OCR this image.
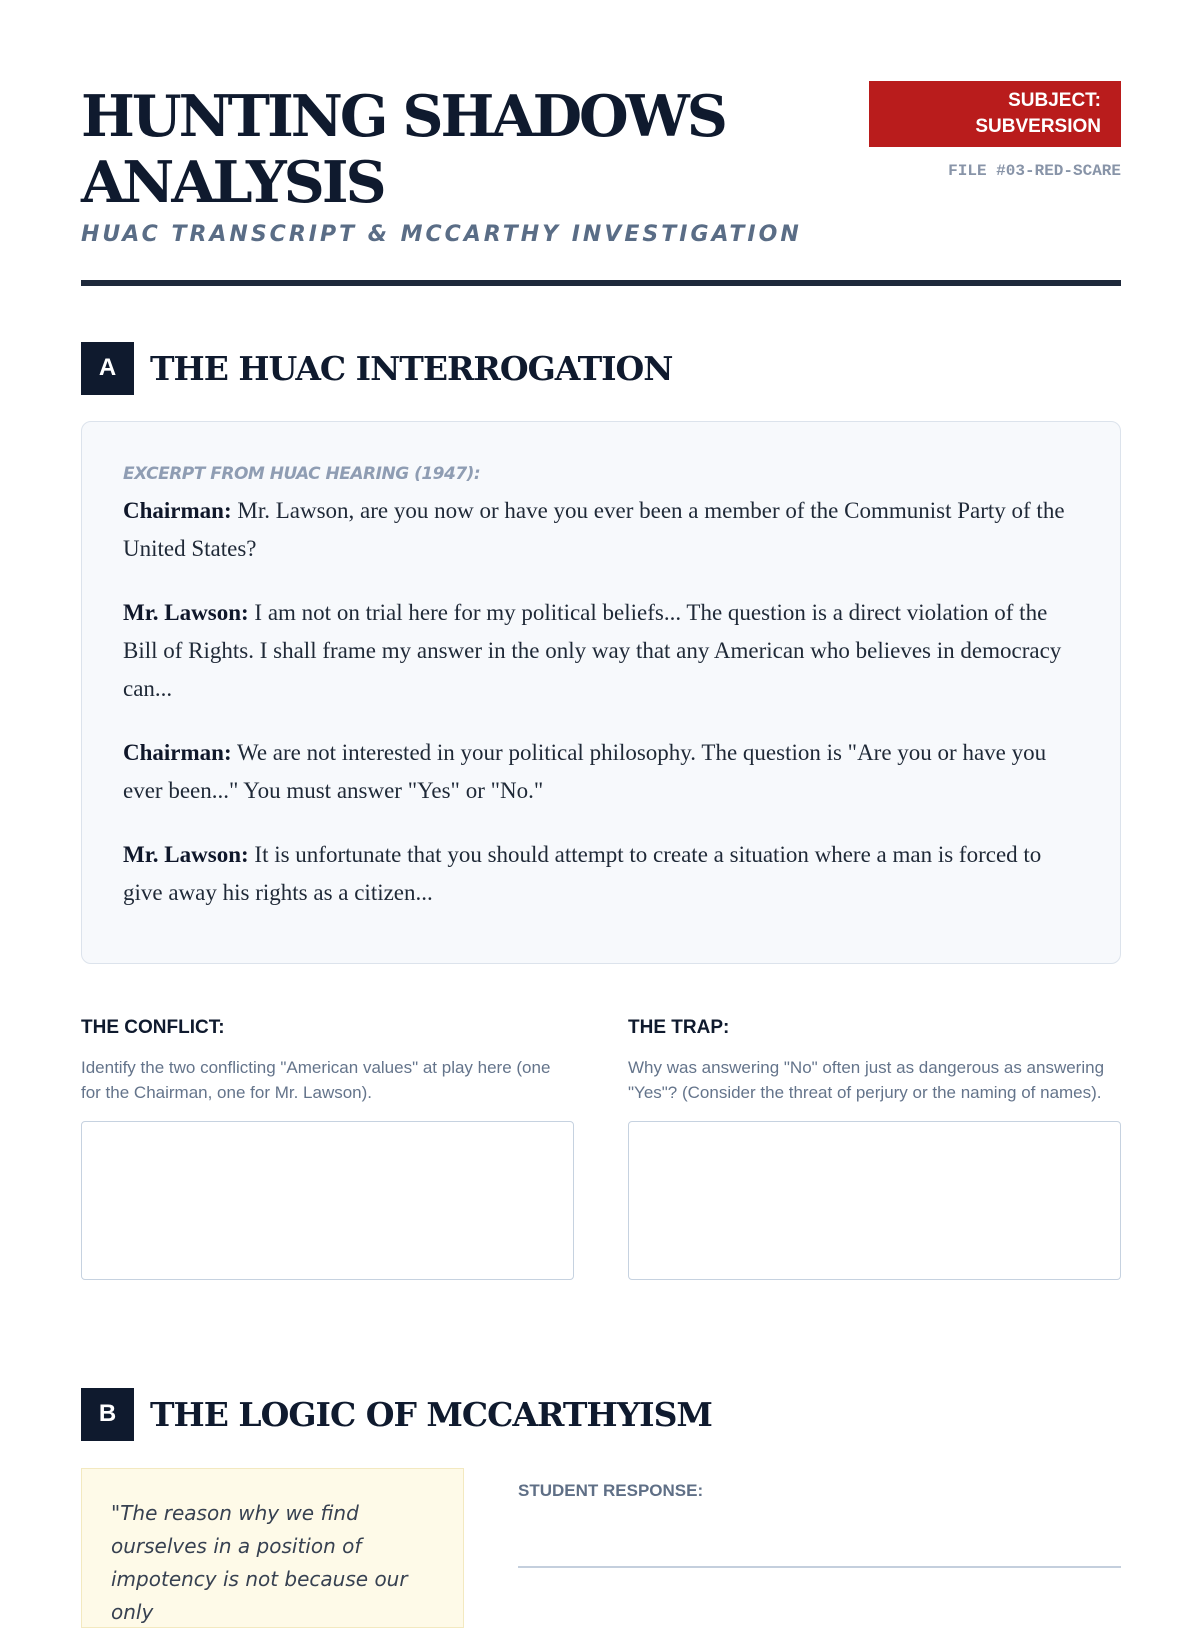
HUNTING SHADOWS ANALYSIS
HUAC TRANSCRIPT & MCCARTHY INVESTIGATION
SUBJECT:
SUBVERSION
FILE #03-RED-SCARE
A	THE HUAC INTERROGATION
EXCERPT FROM HUAC HEARING (1947):

Chairman: Mr. Lawson, are you now or have you ever been a member of the Communist Party of the United States?

Mr. Lawson: I am not on trial here for my political beliefs... The question is a direct violation of the Bill of Rights. I shall frame my answer in the only way that any American who believes in democracy can...

Chairman: We are not interested in your political philosophy. The question is "Are you or have you ever been..." You must answer "Yes" or "No."

Mr. Lawson: It is unfortunate that you should attempt to create a situation where a man is forced to give away his rights as a citizen...

THE CONFLICT:

Identify the two conflicting "American values" at play here (one for the Chairman, one for Mr. Lawson).

THE TRAP:

Why was answering "No" often just as dangerous as answering "Yes"? (Consider the threat of perjury or the naming of names).

B	THE LOGIC OF MCCARTHYISM

"The reason why we find ourselves in a position of impotency is not because our only

STUDENT RESPONSE:
